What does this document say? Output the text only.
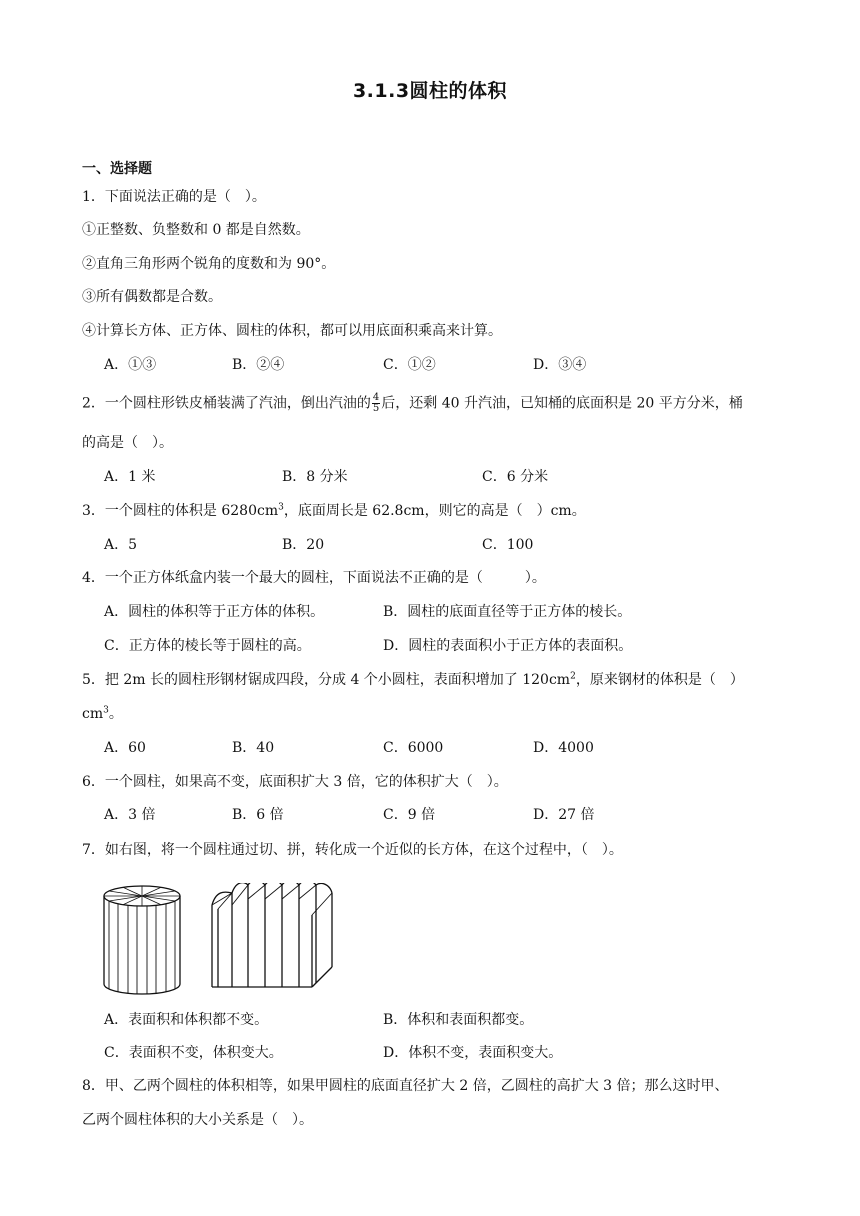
3.1.3圆柱的体积
一、选择题
1．下面说法正确的是（　）。
①正整数、负整数和 0 都是自然数。
②直角三角形两个锐角的度数和为 90°。
③所有偶数都是合数。
④计算长方体、正方体、圆柱的体积，都可以用底面积乘高来计算。
A．①③	B．②④	C．①②	D．③④
2．一个圆柱形铁皮桶装满了汽油，倒出汽油的 $\frac{4}{5}$ 后，还剩 40 升汽油，已知桶的底面积是 20 平方分米，桶
的高是（　）。
A．1 米	B．8 分米	C．6 分米
3．一个圆柱的体积是 $6280cm^3$，底面周长是 62.8cm，则它的高是（　）cm。
A．5	B．20	C．100
4．一个正方体纸盒内装一个最大的圆柱，下面说法不正确的是（　　　）。
A．圆柱的体积等于正方体的体积。	B．圆柱的底面直径等于正方体的棱长。
C．正方体的棱长等于圆柱的高。	D．圆柱的表面积小于正方体的表面积。
5．把 2m 长的圆柱形钢材锯成四段，分成 4 个小圆柱，表面积增加了 $120cm^2$，原来钢材的体积是（　）
$cm^3$。
A．60	B．40	C．6000	D．4000
6．一个圆柱，如果高不变，底面积扩大 3 倍，它的体积扩大（　）。
A．3 倍	B．6 倍	C．9 倍	D．27 倍
7．如右图，将一个圆柱通过切、拼，转化成一个近似的长方体，在这个过程中，（　）。
A．表面积和体积都不变。	B．体积和表面积都变。
C．表面积不变，体积变大。	D．体积不变，表面积变大。
8．甲、乙两个圆柱的体积相等，如果甲圆柱的底面直径扩大 2 倍，乙圆柱的高扩大 3 倍；那么这时甲、
乙两个圆柱体积的大小关系是（　）。
